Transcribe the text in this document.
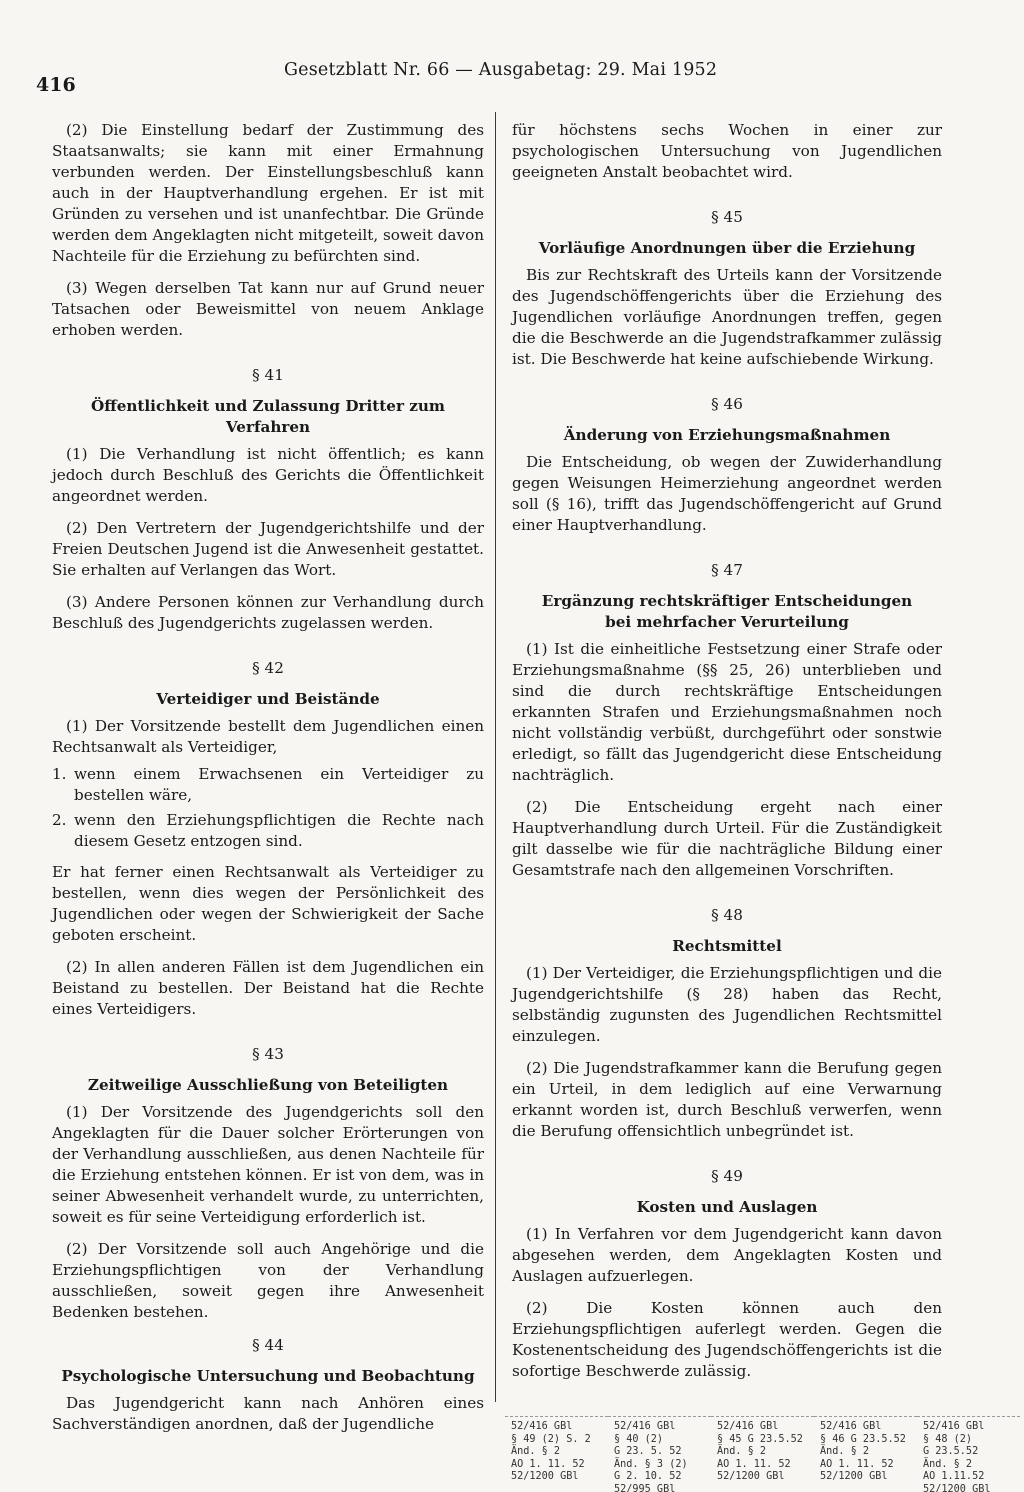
416
Gesetzblatt Nr. 66 — Ausgabetag: 29. Mai 1952

(2) Die Einstellung bedarf der Zustimmung des Staatsanwalts; sie kann mit einer Ermahnung verbunden werden. Der Einstellungsbeschluß kann auch in der Hauptverhandlung ergehen. Er ist mit Gründen zu versehen und ist unanfechtbar. Die Gründe werden dem Angeklagten nicht mitgeteilt, soweit davon Nachteile für die Erziehung zu befürchten sind.

(3) Wegen derselben Tat kann nur auf Grund neuer Tatsachen oder Beweismittel von neuem Anklage erhoben werden.

§ 41
Öffentlichkeit und Zulassung Dritter zum Verfahren

(1) Die Verhandlung ist nicht öffentlich; es kann jedoch durch Beschluß des Gerichts die Öffentlichkeit angeordnet werden.

(2) Den Vertretern der Jugendgerichtshilfe und der Freien Deutschen Jugend ist die Anwesenheit gestattet. Sie erhalten auf Verlangen das Wort.

(3) Andere Personen können zur Verhandlung durch Beschluß des Jugendgerichts zugelassen werden.

§ 42
Verteidiger und Beistände

(1) Der Vorsitzende bestellt dem Jugendlichen einen Rechtsanwalt als Verteidiger,

1. wenn einem Erwachsenen ein Verteidiger zu bestellen wäre,
2. wenn den Erziehungspflichtigen die Rechte nach diesem Gesetz entzogen sind.

Er hat ferner einen Rechtsanwalt als Verteidiger zu bestellen, wenn dies wegen der Persönlichkeit des Jugendlichen oder wegen der Schwierigkeit der Sache geboten erscheint.

(2) In allen anderen Fällen ist dem Jugendlichen ein Beistand zu bestellen. Der Beistand hat die Rechte eines Verteidigers.

§ 43
Zeitweilige Ausschließung von Beteiligten

(1) Der Vorsitzende des Jugendgerichts soll den Angeklagten für die Dauer solcher Erörterungen von der Verhandlung ausschließen, aus denen Nachteile für die Erziehung entstehen können. Er ist von dem, was in seiner Abwesenheit verhandelt wurde, zu unterrichten, soweit es für seine Verteidigung erforderlich ist.

(2) Der Vorsitzende soll auch Angehörige und die Erziehungspflichtigen von der Verhandlung ausschließen, soweit gegen ihre Anwesenheit Bedenken bestehen.

§ 44
Psychologische Untersuchung und Beobachtung

Das Jugendgericht kann nach Anhören eines Sachverständigen anordnen, daß der Jugendliche

für höchstens sechs Wochen in einer zur psychologischen Untersuchung von Jugendlichen geeigneten Anstalt beobachtet wird.

§ 45
Vorläufige Anordnungen über die Erziehung

Bis zur Rechtskraft des Urteils kann der Vorsitzende des Jugendschöffengerichts über die Erziehung des Jugendlichen vorläufige Anordnungen treffen, gegen die die Beschwerde an die Jugendstrafkammer zulässig ist. Die Beschwerde hat keine aufschiebende Wirkung.

§ 46
Änderung von Erziehungsmaßnahmen

Die Entscheidung, ob wegen der Zuwiderhandlung gegen Weisungen Heimerziehung angeordnet werden soll (§ 16), trifft das Jugendschöffengericht auf Grund einer Hauptverhandlung.

§ 47
Ergänzung rechtskräftiger Entscheidungen
bei mehrfacher Verurteilung

(1) Ist die einheitliche Festsetzung einer Strafe oder Erziehungsmaßnahme (§§ 25, 26) unterblieben und sind die durch rechtskräftige Entscheidungen erkannten Strafen und Erziehungsmaßnahmen noch nicht vollständig verbüßt, durchgeführt oder sonstwie erledigt, so fällt das Jugendgericht diese Entscheidung nachträglich.

(2) Die Entscheidung ergeht nach einer Hauptverhandlung durch Urteil. Für die Zuständigkeit gilt dasselbe wie für die nachträgliche Bildung einer Gesamtstrafe nach den allgemeinen Vorschriften.

§ 48
Rechtsmittel

(1) Der Verteidiger, die Erziehungspflichtigen und die Jugendgerichtshilfe (§ 28) haben das Recht, selbständig zugunsten des Jugendlichen Rechtsmittel einzulegen.

(2) Die Jugendstrafkammer kann die Berufung gegen ein Urteil, in dem lediglich auf eine Verwarnung erkannt worden ist, durch Beschluß verwerfen, wenn die Berufung offensichtlich unbegründet ist.

§ 49
Kosten und Auslagen

(1) In Verfahren vor dem Jugendgericht kann davon abgesehen werden, dem Angeklagten Kosten und Auslagen aufzuerlegen.

(2) Die Kosten können auch den Erziehungspflichtigen auferlegt werden. Gegen die Kostenentscheidung des Jugendschöffengerichts ist die sofortige Beschwerde zulässig.

52/416 GBl
§ 49 (2) S. 2
Änd. § 2
AO 1. 11. 52
52/1200 GBl
52/416 GBl
§ 40 (2)
G 23. 5. 52
Änd. § 3 (2)
G 2. 10. 52
52/995 GBl
52/416 GBl
§ 45 G 23.5.52
Änd. § 2
AO 1. 11. 52
52/1200 GBl
52/416 GBl
§ 46 G 23.5.52
Änd. § 2
AO 1. 11. 52
52/1200 GBl
52/416 GBl
§ 48 (2)
G 23.5.52
Änd. § 2
AO 1.11.52
52/1200 GBl
